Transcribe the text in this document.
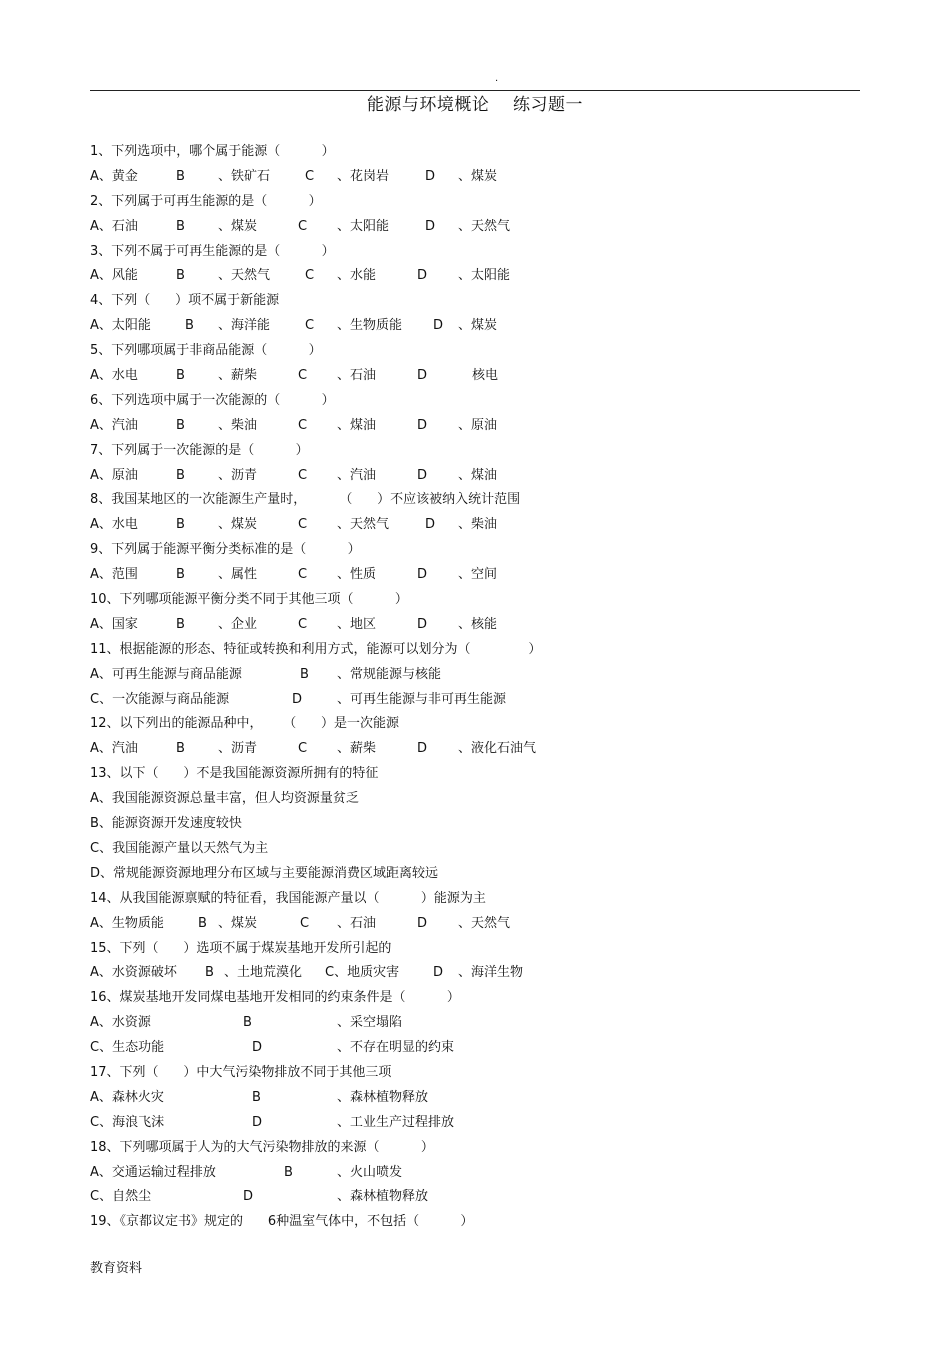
.
能源与环境概论    练习题一
1、下列选项中，哪个属于能源（          ）
A、黄金	B	、铁矿石	C 、花岗岩	D 、煤炭
2、下列属于可再生能源的是（          ）
A、石油	B	、煤炭	C 、太阳能	D 、天然气
3、下列不属于可再生能源的是（          ）
A、风能	B	、天然气	C 、水能	D 、太阳能
4、下列（      ）项不属于新能源
A、太阳能	B 、海洋能	C 、生物质能 D 、煤炭
5、下列哪项属于非商品能源（          ）
A、水电	B	、薪柴	C 、石油	D	核电
6、下列选项中属于一次能源的（          ）
A、汽油	B	、柴油	C 、煤油	D 、原油
7、下列属于一次能源的是（          ）
A、原油	B	、沥青	C 、汽油	D 、煤油
8、我国某地区的一次能源生产量时，        （      ）不应该被纳入统计范围
A、水电	B	、煤炭	C 、天然气	D 、柴油
9、下列属于能源平衡分类标准的是（          ）
A、范围	B	、属性	C 、性质	D 、空间
10、下列哪项能源平衡分类不同于其他三项（          ）
A、国家	B	、企业	C 、地区	D 、核能
11、根据能源的形态、特征或转换和利用方式，能源可以划分为（              ）
A、可再生能源与商品能源	B 、常规能源与核能
C、一次能源与商品能源	D	、可再生能源与非可再生能源
12、以下列出的能源品种中，     （      ）是一次能源
A、汽油	B	、沥青	C 、薪柴	D 、液化石油气
13、以下（      ）不是我国能源资源所拥有的特征
A、我国能源资源总量丰富，但人均资源量贫乏
B、能源资源开发速度较快
C、我国能源产量以天然气为主
D、常规能源资源地理分布区域与主要能源消费区域距离较远
14、从我国能源禀赋的特征看，我国能源产量以（          ）能源为主
A、生物质能	B 、煤炭	C 、石油	D 、天然气
15、下列（      ）选项不属于煤炭基地开发所引起的
A、水资源破坏 B 、土地荒漠化 C、地质灾害	D 、海洋生物
16、煤炭基地开发同煤电基地开发相同的约束条件是（          ）
A、水资源	B	、采空塌陷
C、生态功能	D	、不存在明显的约束
17、下列（      ）中大气污染物排放不同于其他三项
A、森林火灾	B	、森林植物释放
C、海浪飞沫	D	、工业生产过程排放
18、下列哪项属于人为的大气污染物排放的来源（          ）
A、交通运输过程排放	B	、火山喷发
C、自然尘	D	、森林植物释放
19、《京都议定书》规定的      6种温室气体中，不包括（          ）
教育资料
